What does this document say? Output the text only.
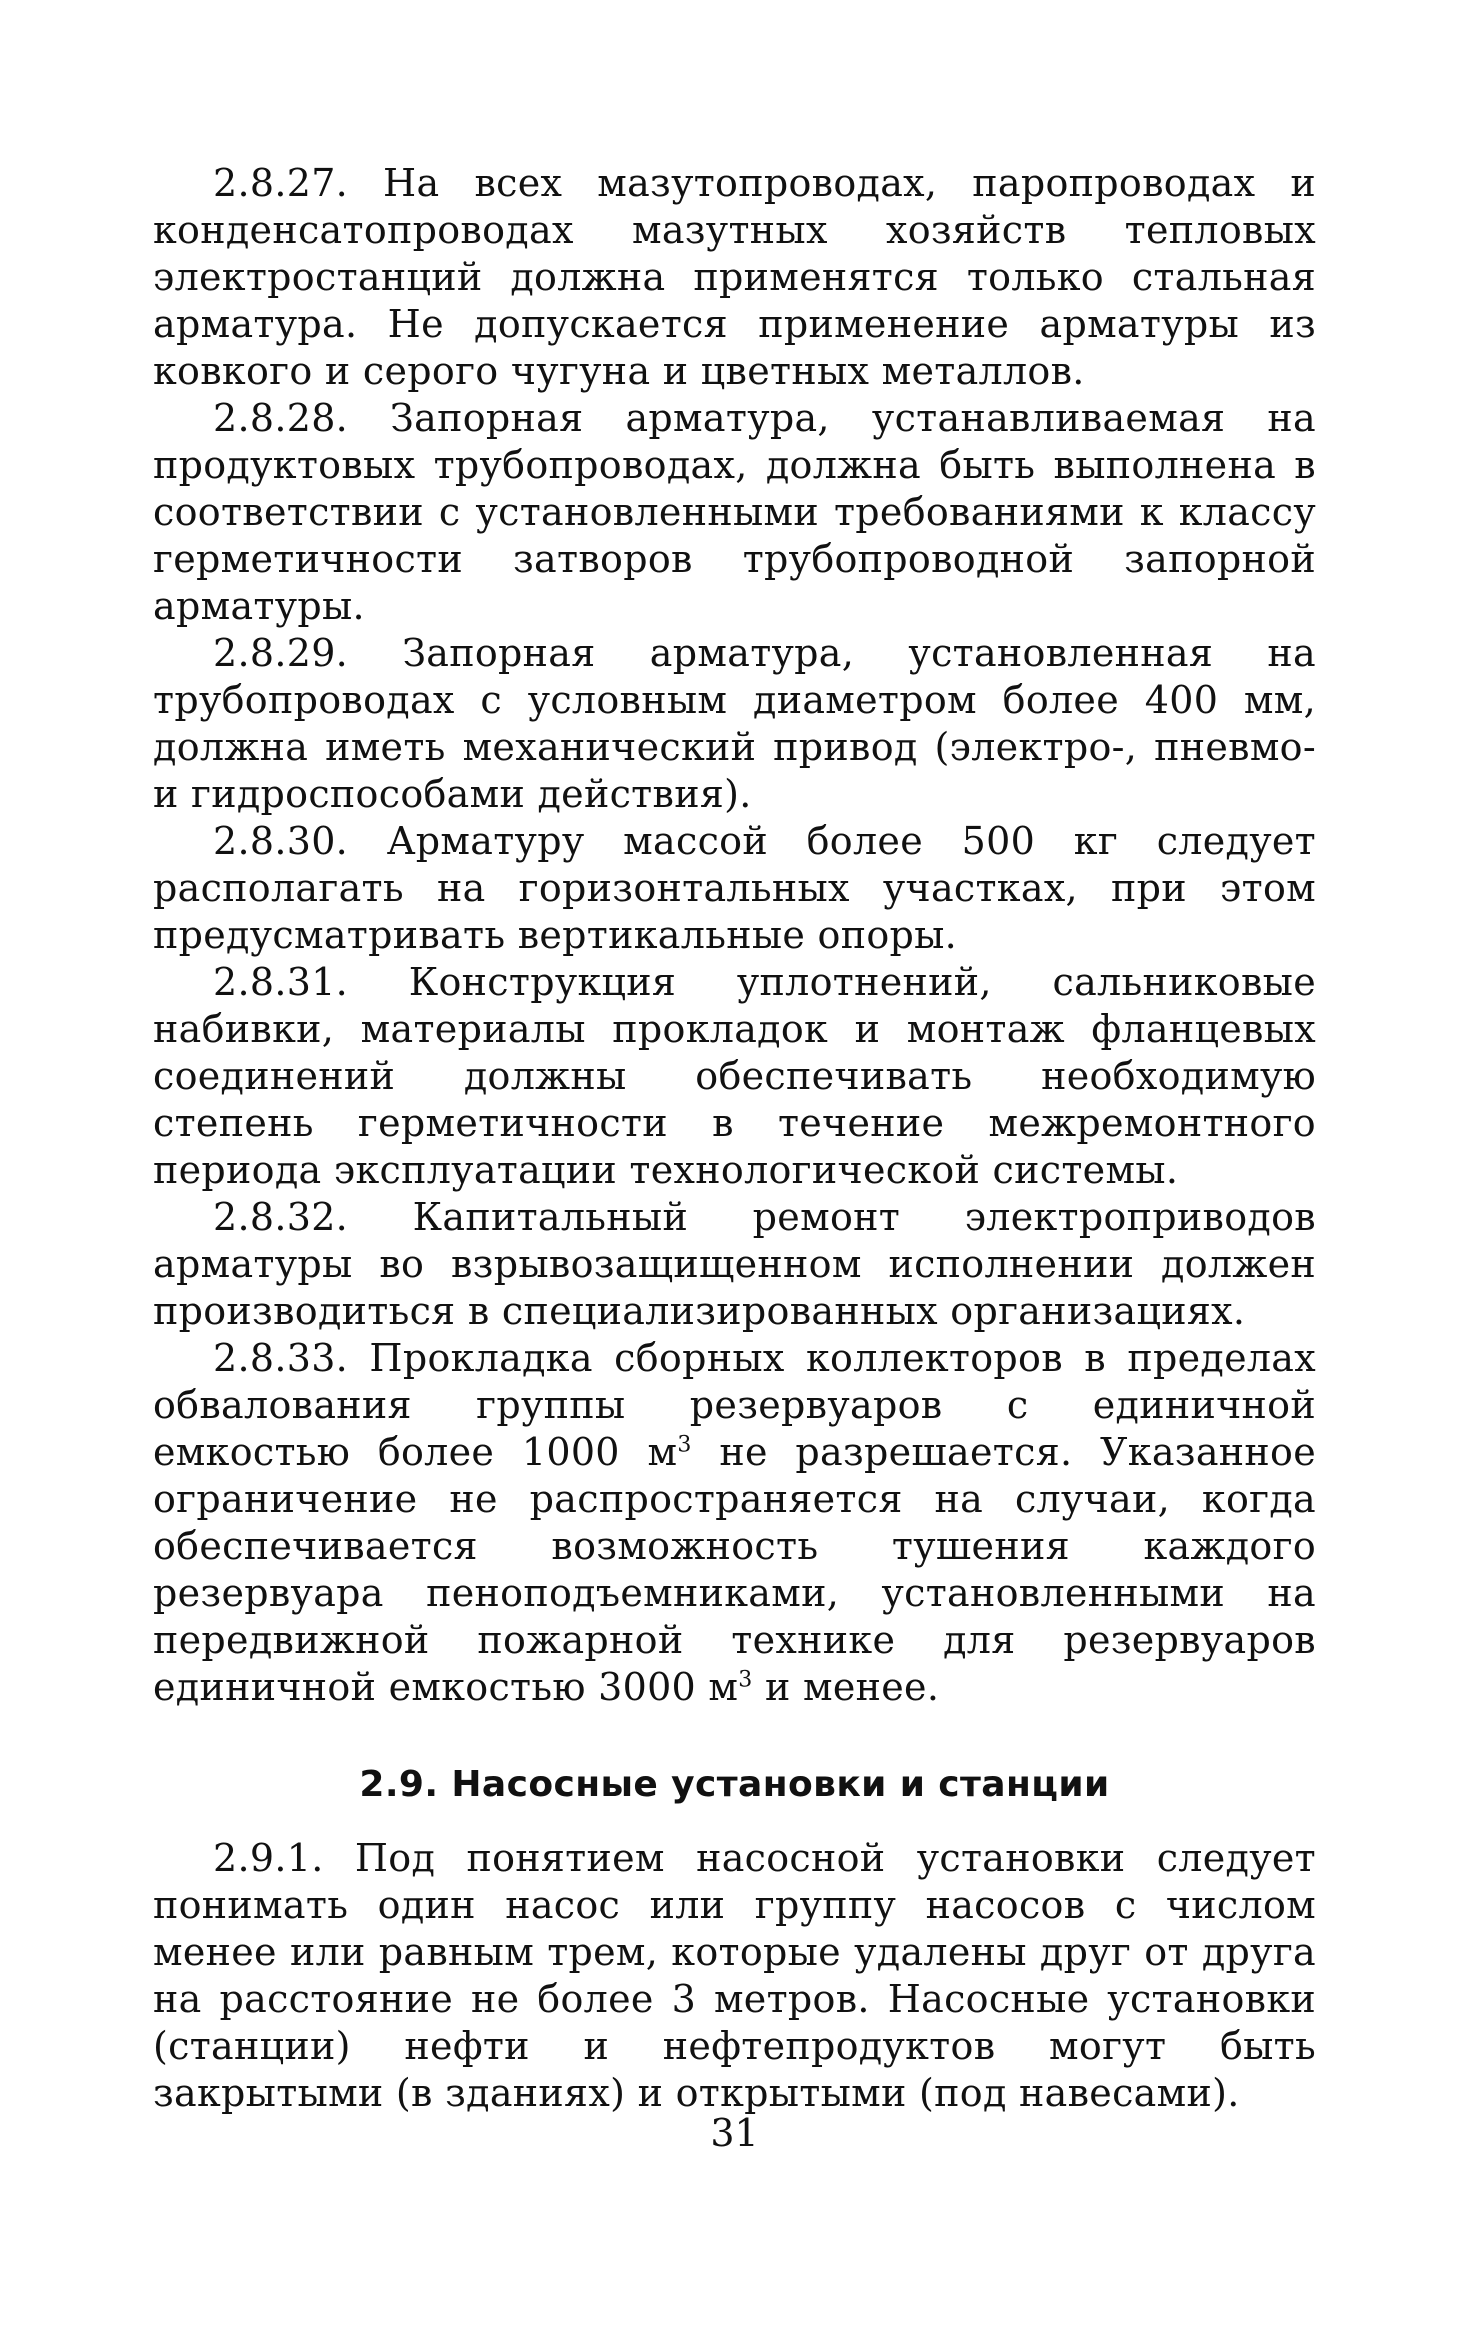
2.8.27. На всех мазутопроводах, паропроводах и конденсатопроводах мазутных хозяйств тепловых электростанций должна применятся только стальная арматура. Не допускается применение арматуры из ковкого и серого чугуна и цветных металлов.

2.8.28. Запорная арматура, устанавливаемая на продуктовых трубопроводах, должна быть выполнена в соответствии с установленными требованиями к классу герметичности затворов трубопроводной запорной арматуры.

2.8.29. Запорная арматура, установленная на трубопроводах с условным диаметром более 400 мм, должна иметь механический привод (электро-, пневмо- и гидроспособами действия).

2.8.30. Арматуру массой более 500 кг следует располагать на горизонтальных участках, при этом предусматривать вертикальные опоры.

2.8.31. Конструкция уплотнений, сальниковые набивки, материалы прокладок и монтаж фланцевых соединений должны обеспечивать необходимую степень герметичности в течение межремонтного периода эксплуатации технологической системы.

2.8.32. Капитальный ремонт электроприводов арматуры во взрывозащищенном исполнении должен производиться в специализированных организациях.

2.8.33. Прокладка сборных коллекторов в пределах обвалования группы резервуаров с единичной емкостью более 1000 $м^3$ не разрешается. Указанное ограничение не распространяется на случаи, когда обеспечивается возможность тушения каждого резервуара пеноподъемниками, установленными на передвижной пожарной технике для резервуаров единичной емкостью 3000 $м^3$ и менее.

2.9. Насосные установки и станции

2.9.1. Под понятием насосной установки следует понимать один насос или группу насосов с числом менее или равным трем, которые удалены друг от друга на расстояние не более 3 метров. Насосные установки (станции) нефти и нефтепродуктов могут быть закрытыми (в зданиях) и открытыми (под навесами).

31
